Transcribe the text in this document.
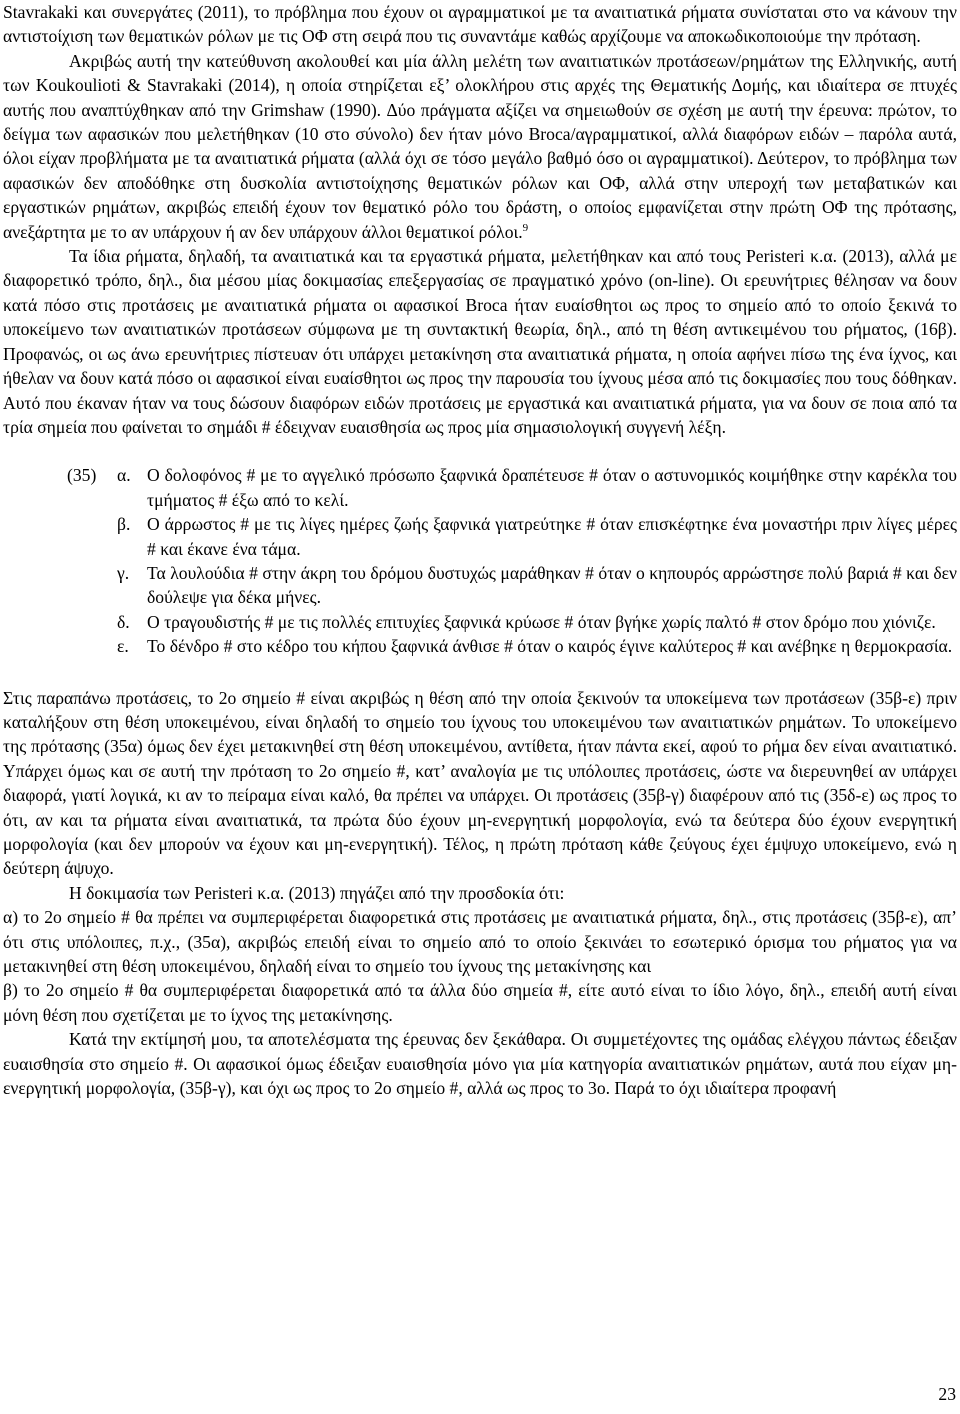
Stavrakaki και συνεργάτες (2011), το πρόβλημα που έχουν οι αγραμματικοί με τα αναιτιατικά ρήματα συνίσταται στο να κάνουν την αντιστοίχιση των θεματικών ρόλων με τις ΟΦ στη σειρά που τις συναντάμε καθώς αρχίζουμε να αποκωδικοποιούμε την πρόταση.

Ακριβώς αυτή την κατεύθυνση ακολουθεί και μία άλλη μελέτη των αναιτιατικών προτάσεων/ρημάτων της Ελληνικής, αυτή των Koukoulioti & Stavrakaki (2014), η οποία στηρίζεται εξ’ ολοκλήρου στις αρχές της Θεματικής Δομής, και ιδιαίτερα σε πτυχές αυτής που αναπτύχθηκαν από την Grimshaw (1990). Δύο πράγματα αξίζει να σημειωθούν σε σχέση με αυτή την έρευνα: πρώτον, το δείγμα των αφασικών που μελετήθηκαν (10 στο σύνολο) δεν ήταν μόνο Broca/αγραμματικοί, αλλά διαφόρων ειδών – παρόλα αυτά, όλοι είχαν προβλήματα με τα αναιτιατικά ρήματα (αλλά όχι σε τόσο μεγάλο βαθμό όσο οι αγραμματικοί). Δεύτερον, το πρόβλημα των αφασικών δεν αποδόθηκε στη δυσκολία αντιστοίχησης θεματικών ρόλων και ΟΦ, αλλά στην υπεροχή των μεταβατικών και εργαστικών ρημάτων, ακριβώς επειδή έχουν τον θεματικό ρόλο του δράστη, ο οποίος εμφανίζεται στην πρώτη ΟΦ της πρότασης, ανεξάρτητα με το αν υπάρχουν ή αν δεν υπάρχουν άλλοι θεματικοί ρόλοι.$^9$

Τα ίδια ρήματα, δηλαδή, τα αναιτιατικά και τα εργαστικά ρήματα, μελετήθηκαν και από τους Peristeri κ.α. (2013), αλλά με διαφορετικό τρόπο, δηλ., δια μέσου μίας δοκιμασίας επεξεργασίας σε πραγματικό χρόνο (on-line). Οι ερευνήτριες θέλησαν να δουν κατά πόσο στις προτάσεις με αναιτιατικά ρήματα οι αφασικοί Broca ήταν ευαίσθητοι ως προς το σημείο από το οποίο ξεκινά το υποκείμενο των αναιτιατικών προτάσεων σύμφωνα με τη συντακτική θεωρία, δηλ., από τη θέση αντικειμένου του ρήματος, (16β). Προφανώς, οι ως άνω ερευνήτριες πίστευαν ότι υπάρχει μετακίνηση στα αναιτιατικά ρήματα, η οποία αφήνει πίσω της ένα ίχνος, και ήθελαν να δουν κατά πόσο οι αφασικοί είναι ευαίσθητοι ως προς την παρουσία του ίχνους μέσα από τις δοκιμασίες που τους δόθηκαν. Αυτό που έκαναν ήταν να τους δώσουν διαφόρων ειδών προτάσεις με εργαστικά και αναιτιατικά ρήματα, για να δουν σε ποια από τα τρία σημεία που φαίνεται το σημάδι # έδειχναν ευαισθησία ως προς μία σημασιολογική συγγενή λέξη.

(35)	α. Ο δολοφόνος # με το αγγελικό πρόσωπο ξαφνικά δραπέτευσε # όταν ο αστυνομικός κοιμήθηκε στην καρέκλα του τμήματος # έξω από το κελί.
β. Ο άρρωστος # με τις λίγες ημέρες ζωής ξαφνικά γιατρεύτηκε # όταν επισκέφτηκε ένα μοναστήρι πριν λίγες μέρες # και έκανε ένα τάμα.
γ.	Τα λουλούδια # στην άκρη του δρόμου δυστυχώς μαράθηκαν # όταν ο κηπουρός αρρώστησε πολύ βαριά # και δεν δούλεψε για δέκα μήνες.
δ. Ο τραγουδιστής # με τις πολλές επιτυχίες ξαφνικά κρύωσε # όταν βγήκε χωρίς παλτό # στον δρόμο που χιόνιζε.
ε.	Το δένδρο # στο κέδρο του κήπου ξαφνικά άνθισε # όταν ο καιρός έγινε καλύτερος # και ανέβηκε η θερμοκρασία.

Στις παραπάνω προτάσεις, το 2ο σημείο # είναι ακριβώς η θέση από την οποία ξεκινούν τα υποκείμενα των προτάσεων (35β-ε) πριν καταλήξουν στη θέση υποκειμένου, είναι δηλαδή το σημείο του ίχνους του υποκειμένου των αναιτιατικών ρημάτων. Το υποκείμενο της πρότασης (35α) όμως δεν έχει μετακινηθεί στη θέση υποκειμένου, αντίθετα, ήταν πάντα εκεί, αφού το ρήμα δεν είναι αναιτιατικό. Υπάρχει όμως και σε αυτή την πρόταση το 2ο σημείο #, κατ’ αναλογία με τις υπόλοιπες προτάσεις, ώστε να διερευνηθεί αν υπάρχει διαφορά, γιατί λογικά, κι αν το πείραμα είναι καλό, θα πρέπει να υπάρχει. Οι προτάσεις (35β-γ) διαφέρουν από τις (35δ-ε) ως προς το ότι, αν και τα ρήματα είναι αναιτιατικά, τα πρώτα δύο έχουν μη-ενεργητική μορφολογία, ενώ τα δεύτερα δύο έχουν ενεργητική μορφολογία (και δεν μπορούν να έχουν και μη-ενεργητική). Τέλος, η πρώτη πρόταση κάθε ζεύγους έχει έμψυχο υποκείμενο, ενώ η δεύτερη άψυχο.

Η δοκιμασία των Peristeri κ.α. (2013) πηγάζει από την προσδοκία ότι:

α) το 2ο σημείο # θα πρέπει να συμπεριφέρεται διαφορετικά στις προτάσεις με αναιτιατικά ρήματα, δηλ., στις προτάσεις (35β-ε), απ’ ότι στις υπόλοιπες, π.χ., (35α), ακριβώς επειδή είναι το σημείο από το οποίο ξεκινάει το εσωτερικό όρισμα του ρήματος για να μετακινηθεί στη θέση υποκειμένου, δηλαδή είναι το σημείο του ίχνους της μετακίνησης και

β) το 2ο σημείο # θα συμπεριφέρεται διαφορετικά από τα άλλα δύο σημεία #, είτε αυτό είναι το ίδιο λόγο, δηλ., επειδή αυτή είναι μόνη θέση που σχετίζεται με το ίχνος της μετακίνησης.

Κατά την εκτίμησή μου, τα αποτελέσματα της έρευνας δεν ξεκάθαρα. Οι συμμετέχοντες της ομάδας ελέγχου πάντως έδειξαν ευαισθησία στο σημείο #. Οι αφασικοί όμως έδειξαν ευαισθησία μόνο για μία κατηγορία αναιτιατικών ρημάτων, αυτά που είχαν μη-ενεργητική μορφολογία, (35β-γ), και όχι ως προς το 2ο σημείο #, αλλά ως προς το 3ο. Παρά το όχι ιδιαίτερα προφανή

23
